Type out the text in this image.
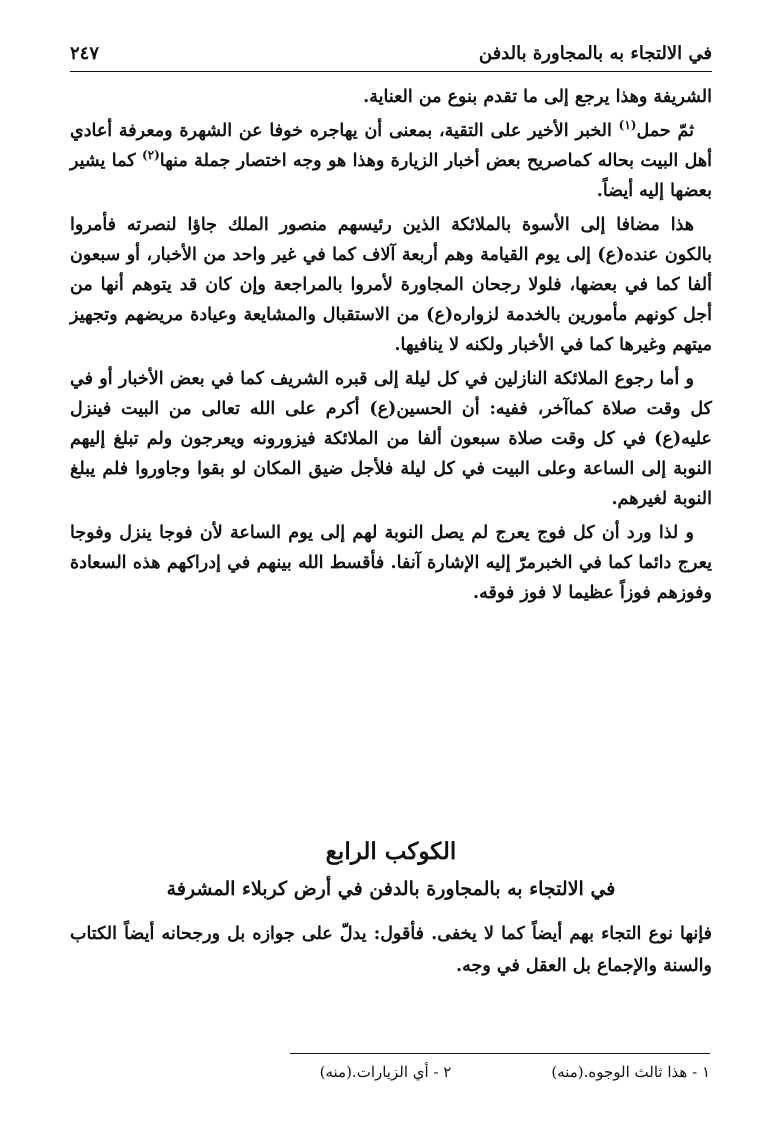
في الالتجاء به بالمجاورة بالدفن
٢٤٧

الشريفة وهذا يرجع إلى ما تقدم بنوع من العناية.

ثمّ حمل$^{(١)}$ الخبر الأخير على التقية، بمعنى أن يهاجره خوفا عن الشهرة ومعرفة أعادي أهل البيت بحاله كماصريح بعض أخبار الزيارة وهذا هو وجه اختصار جملة منها$^{(٢)}$ كما يشير بعضها إليه أيضاً.

هذا مضافا إلى الأسوة بالملائكة الذين رئيسهم منصور الملك جاؤا لنصرته فأمروا بالكون عنده(ع) إلى يوم القيامة وهم أربعة آلاف كما في غير واحد من الأخبار، أو سبعون ألفا كما في بعضها، فلولا رجحان المجاورة لأمروا بالمراجعة وإن كان قد يتوهم أنها من أجل كونهم مأمورين بالخدمة لزواره(ع) من الاستقبال والمشايعة وعيادة مريضهم وتجهيز ميتهم وغيرها كما في الأخبار ولكنه لا ينافيها.

و أما رجوع الملائكة النازلين في كل ليلة إلى قبره الشريف كما في بعض الأخبار أو في كل وقت صلاة كماآخر، ففيه: أن الحسين(ع) أكرم على الله تعالى من البيت فينزل عليه(ع) في كل وقت صلاة سبعون ألفا من الملائكة فيزورونه ويعرجون ولم تبلغ إليهم النوبة إلى الساعة وعلى البيت في كل ليلة فلأجل ضيق المكان لو بقوا وجاوروا فلم يبلغ النوبة لغيرهم.

و لذا ورد أن كل فوج يعرج لم يصل النوبة لهم إلى يوم الساعة لأن فوجا ينزل وفوجا يعرج دائما كما في الخبرمرّ إليه الإشارة آنفا. فأقسط الله بينهم في إدراكهم هذه السعادة وفوزهم فوزاً عظيما لا فوز فوقه.

الكوكب الرابع
في الالتجاء به بالمجاورة بالدفن في أرض كربلاء المشرفة
فإنها نوع التجاء بهم أيضاً كما لا يخفى. فأقول: يدلّ على جوازه بل ورجحانه أيضاً الكتاب والسنة والإجماع بل العقل في وجه.
١ - هذا ثالث الوجوه.(منه)
٢ - أي الزيارات.(منه)
